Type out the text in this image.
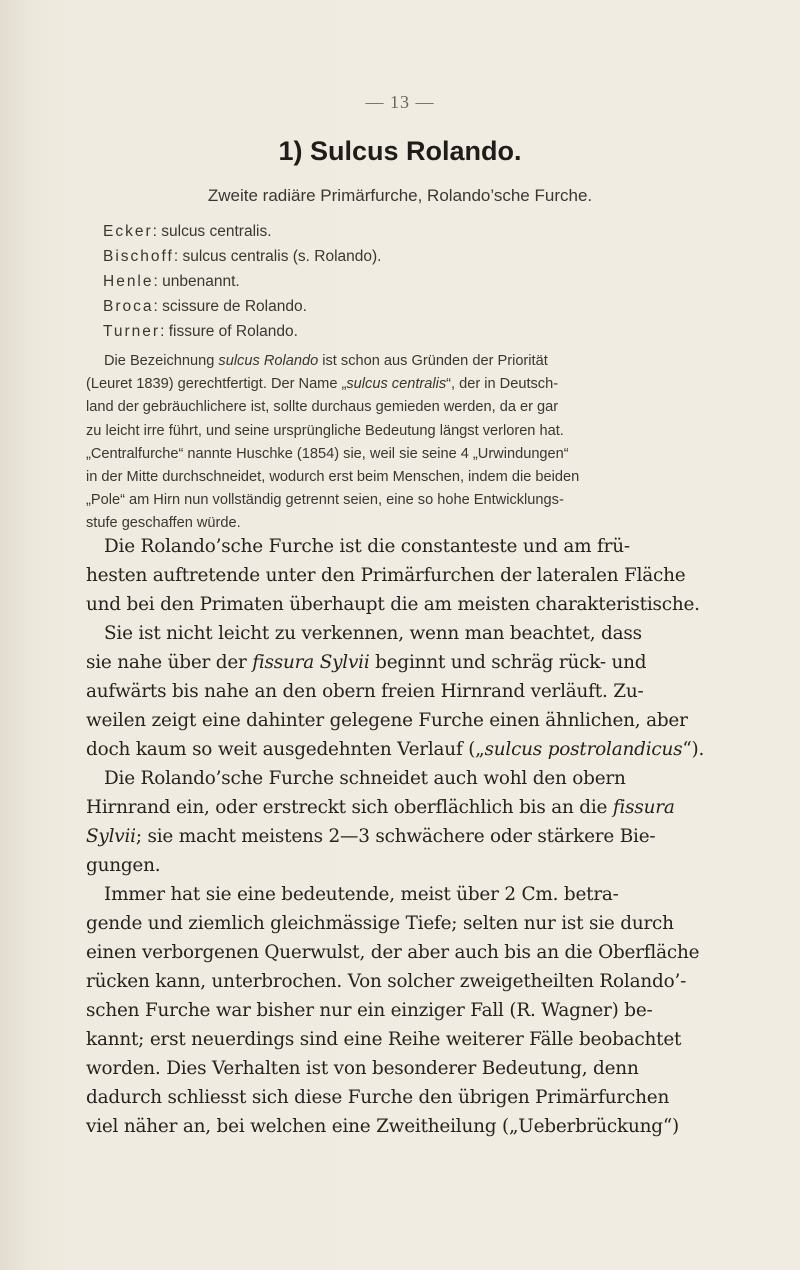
— 13 —
1) Sulcus Rolando.
Zweite radiäre Primärfurche, Rolando’sche Furche.
Ecker: sulcus centralis.
Bischoff: sulcus centralis (s. Rolando).
Henle: unbenannt.
Broca: scissure de Rolando.
Turner: fissure of Rolando.
Die Bezeichnung sulcus Rolando ist schon aus Gründen der Priorität
(Leuret 1839) gerechtfertigt. Der Name „sulcus centralis“, der in Deutsch-
land der gebräuchlichere ist, sollte durchaus gemieden werden, da er gar
zu leicht irre führt, und seine ursprüngliche Bedeutung längst verloren hat.
„Centralfurche“ nannte Huschke (1854) sie, weil sie seine 4 „Urwindungen“
in der Mitte durchschneidet, wodurch erst beim Menschen, indem die beiden
„Pole“ am Hirn nun vollständig getrennt seien, eine so hohe Entwicklungs-
stufe geschaffen würde.
Die Rolando’sche Furche ist die constanteste und am frü-
hesten auftretende unter den Primärfurchen der lateralen Fläche
und bei den Primaten überhaupt die am meisten charakteristische.
Sie ist nicht leicht zu verkennen, wenn man beachtet, dass
sie nahe über der fissura Sylvii beginnt und schräg rück- und
aufwärts bis nahe an den obern freien Hirnrand verläuft. Zu-
weilen zeigt eine dahinter gelegene Furche einen ähnlichen, aber
doch kaum so weit ausgedehnten Verlauf („sulcus postrolandicus“).
Die Rolando’sche Furche schneidet auch wohl den obern
Hirnrand ein, oder erstreckt sich oberflächlich bis an die fissura
Sylvii; sie macht meistens 2—3 schwächere oder stärkere Bie-
gungen.
Immer hat sie eine bedeutende, meist über 2 Cm. betra-
gende und ziemlich gleichmässige Tiefe; selten nur ist sie durch
einen verborgenen Querwulst, der aber auch bis an die Oberfläche
rücken kann, unterbrochen. Von solcher zweigetheilten Rolando’-
schen Furche war bisher nur ein einziger Fall (R. Wagner) be-
kannt; erst neuerdings sind eine Reihe weiterer Fälle beobachtet
worden. Dies Verhalten ist von besonderer Bedeutung, denn
dadurch schliesst sich diese Furche den übrigen Primärfurchen
viel näher an, bei welchen eine Zweitheilung („Ueberbrückung“)
